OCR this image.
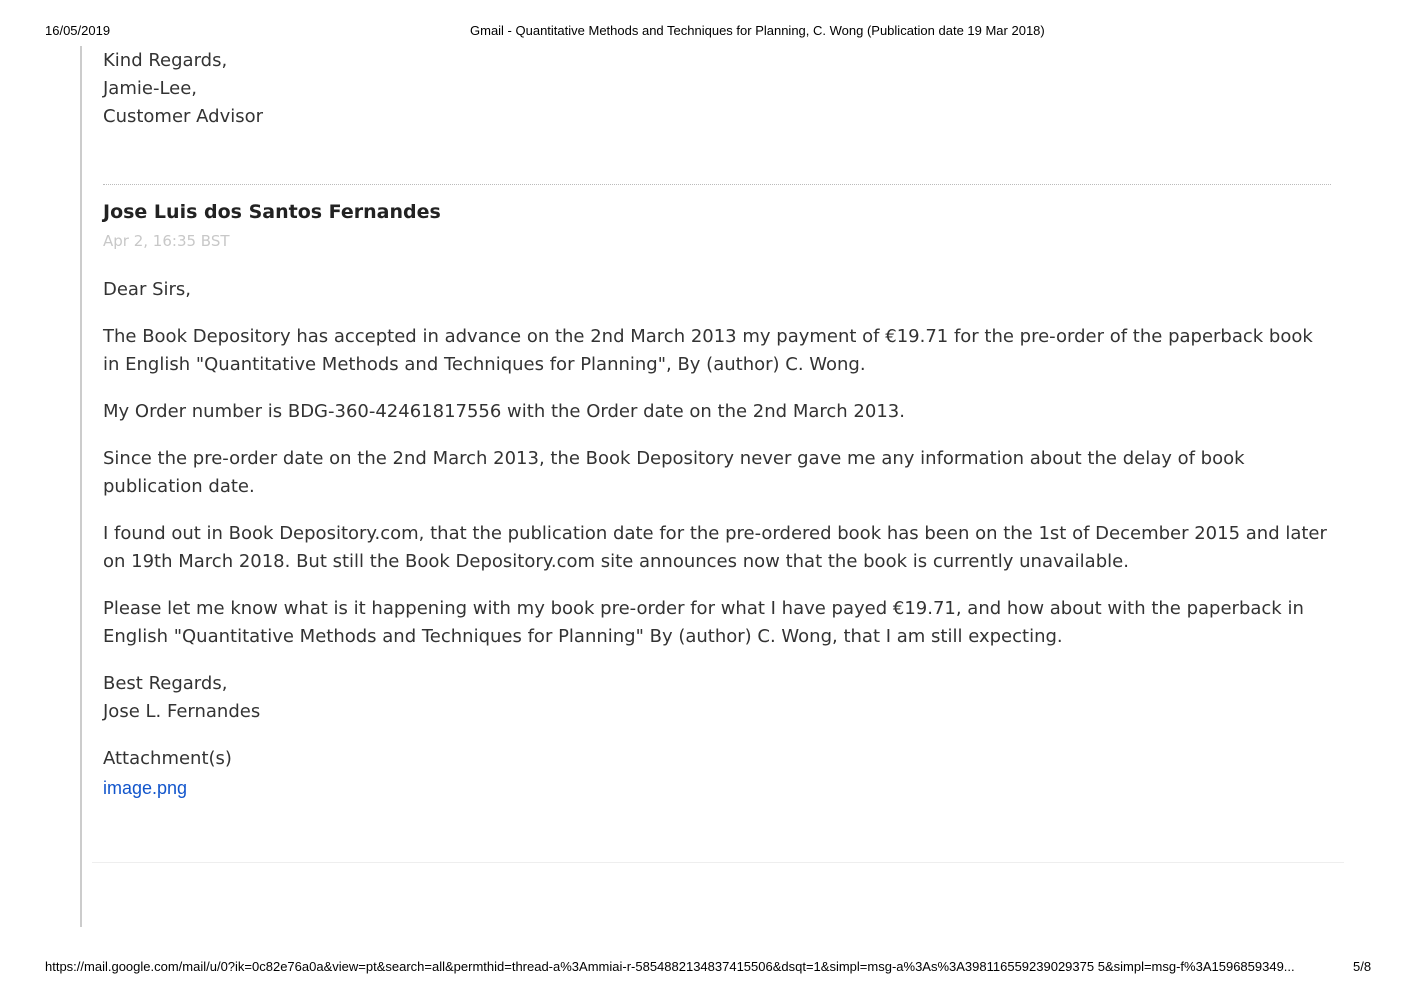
16/05/2019	Gmail - Quantitative Methods and Techniques for Planning, C. Wong (Publication date 19 Mar 2018)
Kind Regards,
Jamie-Lee,
Customer Advisor
Jose Luis dos Santos Fernandes
Apr 2, 16:35 BST

Dear Sirs,

The Book Depository has accepted in advance on the 2nd March 2013 my payment of €19.71 for the pre-order of the paperback book in English "Quantitative Methods and Techniques for Planning", By (author) C. Wong.

My Order number is BDG-360-42461817556 with the Order date on the 2nd March 2013.

Since the pre-order date on the 2nd March 2013, the Book Depository never gave me any information about the delay of book publication date.

I found out in Book Depository.com, that the publication date for the pre-ordered book has been on the 1st of December 2015 and later on 19th March 2018. But still the Book Depository.com site announces now that the book is currently unavailable.

Please let me know what is it happening with my book pre-order for what I have payed €19.71, and how about with the paperback in English "Quantitative Methods and Techniques for Planning" By (author) C. Wong, that I am still expecting.

Best Regards,
Jose L. Fernandes

Attachment(s)
image.png
https://mail.google.com/mail/u/0?ik=0c82e76a0a&view=pt&search=all&permthid=thread-a%3Ammiai-r-5854882134837415506&dsqt=1&simpl=msg-a%3As%3A398116559239029375 5&simpl=msg-f%3A1596859349...	5/8
